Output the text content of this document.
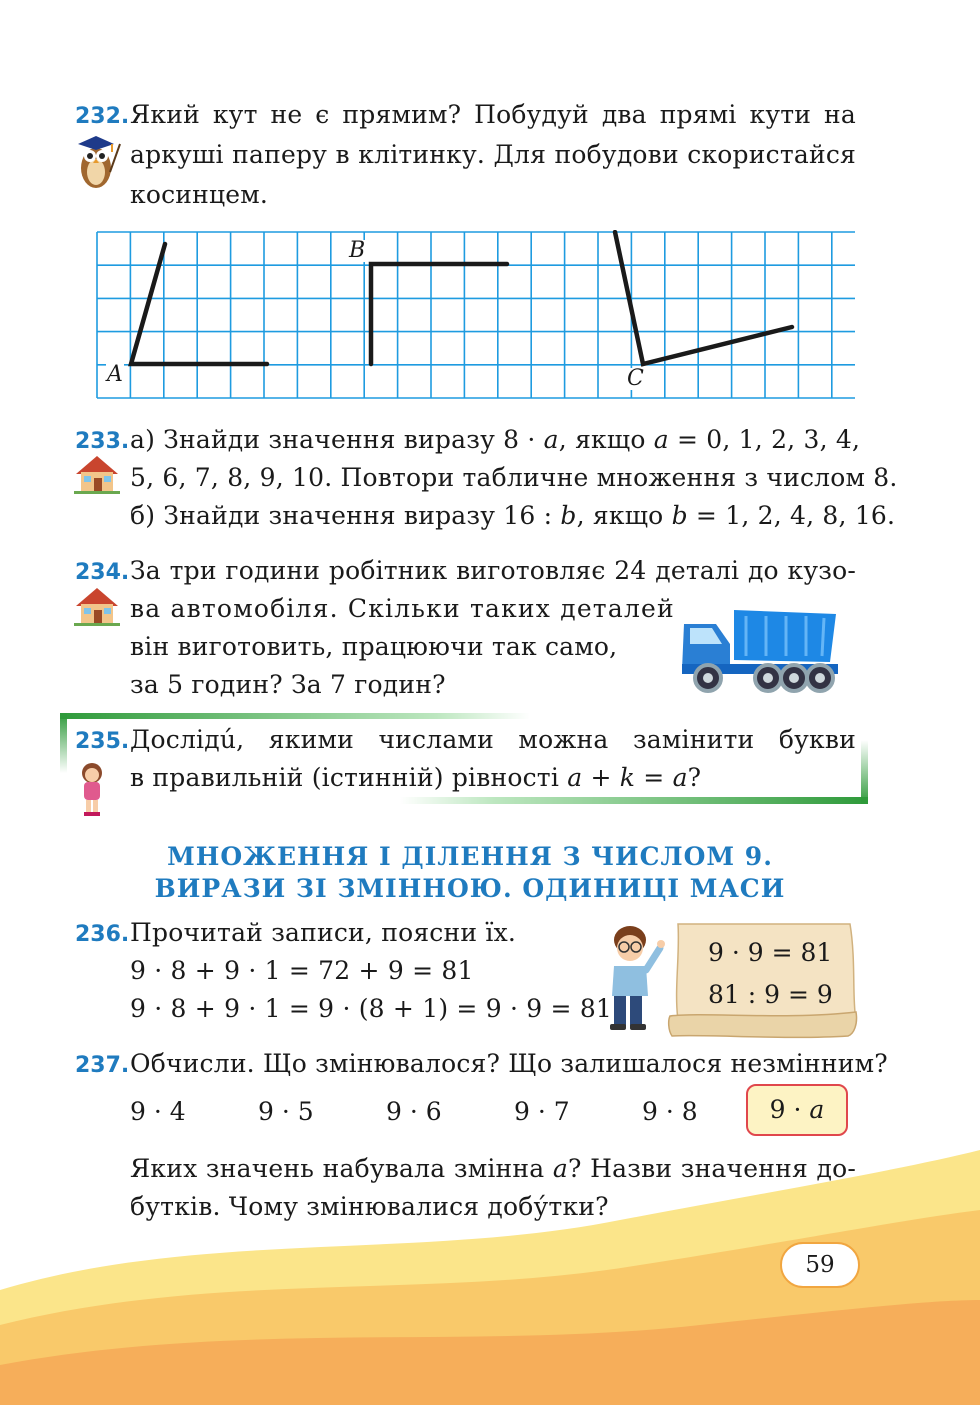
232. Який кут не є прямим? Побудуй два прямі кути на
аркуші паперу в клітинку. Для побудови скористайся
косинцем.
A
B
C
233. а) Знайди значення виразу 8 · a, якщо a = 0, 1, 2, 3, 4,
5, 6, 7, 8, 9, 10. Повтори табличне множення з числом 8.
б) Знайди значення виразу 16 : b, якщо b = 1, 2, 4, 8, 16.
234. За три години робітник виготовляє 24 деталі до кузо-
ва автомобіля. Скільки таких деталей
він виготовить, працюючи так само,
за 5 годин? За 7 годин?
235. Дослідú, якими числами можна замінити букви
в правильній (істинній) рівності a + k = a?
МНОЖЕННЯ І ДІЛЕННЯ З ЧИСЛОМ 9.
ВИРАЗИ ЗІ ЗМІННОЮ. ОДИНИЦІ МАСИ
236. Прочитай записи, поясни їх.
9 · 8 + 9 · 1 = 72 + 9 = 81
9 · 8 + 9 · 1 = 9 · (8 + 1) = 9 · 9 = 81
9 · 9 = 81
81 : 9 = 9
237. Обчисли. Що змінювалося? Що залишалося незмінним?
9 · 4	9 · 5	9 · 6	9 · 7	9 · 8	9 · a
Яких значень набувала змінна a? Назви значення до-
бутків. Чому змінювалися добу́тки?
59
